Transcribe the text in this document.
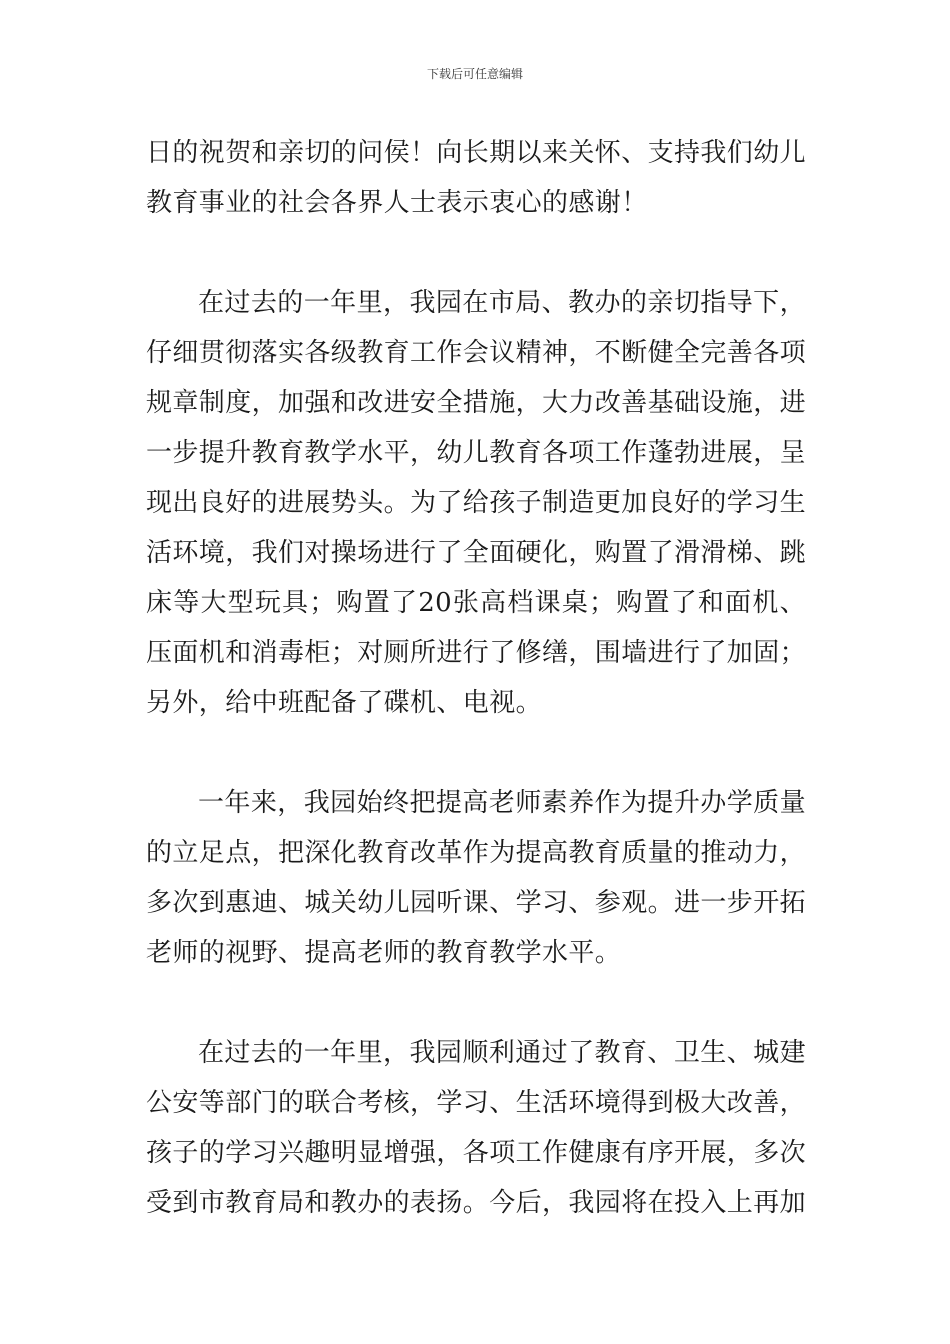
下载后可任意编辑

日的祝贺和亲切的问侯！向长期以来关怀、支持我们幼儿教育事业的社会各界人士表示衷心的感谢！

在过去的一年里，我园在市局、教办的亲切指导下，仔细贯彻落实各级教育工作会议精神，不断健全完善各项规章制度，加强和改进安全措施，大力改善基础设施，进一步提升教育教学水平，幼儿教育各项工作蓬勃进展，呈现出良好的进展势头。为了给孩子制造更加良好的学习生活环境，我们对操场进行了全面硬化，购置了滑滑梯、跳床等大型玩具；购置了20张高档课桌；购置了和面机、压面机和消毒柜；对厕所进行了修缮，围墙进行了加固；另外，给中班配备了碟机、电视。

一年来，我园始终把提高老师素养作为提升办学质量的立足点，把深化教育改革作为提高教育质量的推动力，多次到惠迪、城关幼儿园听课、学习、参观。进一步开拓老师的视野、提高老师的教育教学水平。

在过去的一年里，我园顺利通过了教育、卫生、城建公安等部门的联合考核，学习、生活环境得到极大改善，孩子的学习兴趣明显增强，各项工作健康有序开展，多次受到市教育局和教办的表扬。今后，我园将在投入上再加
